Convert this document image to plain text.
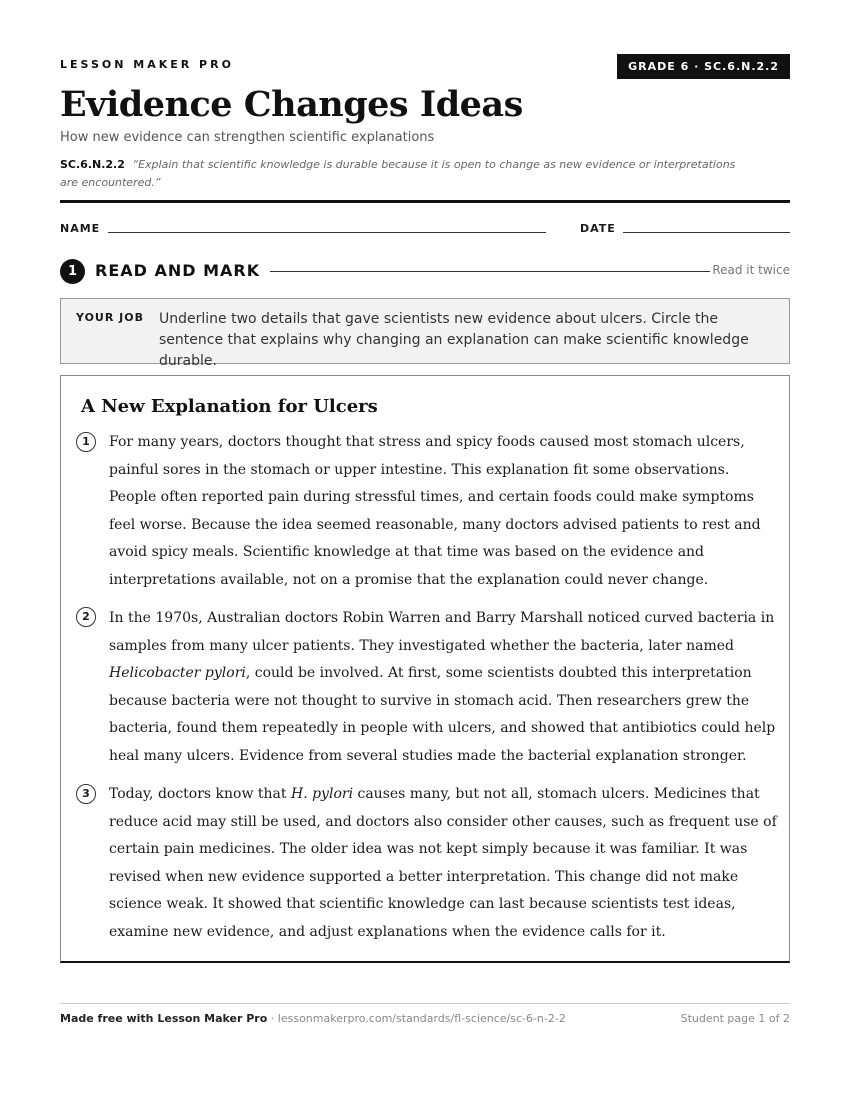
LESSON MAKER PRO	GRADE 6 · SC.6.N.2.2
Evidence Changes Ideas
How new evidence can strengthen scientific explanations
SC.6.N.2.2 “Explain that scientific knowledge is durable because it is open to change as new evidence or interpretations are encountered.”
NAME	DATE
1	READ AND MARK	Read it twice
YOUR JOB Underline two details that gave scientists new evidence about ulcers. Circle the sentence that explains why changing an explanation can make scientific knowledge durable.
A New Explanation for Ulcers
1	For many years, doctors thought that stress and spicy foods caused most stomach ulcers, painful sores in the stomach or upper intestine. This explanation fit some observations. People often reported pain during stressful times, and certain foods could make symptoms feel worse. Because the idea seemed reasonable, many doctors advised patients to rest and avoid spicy meals. Scientific knowledge at that time was based on the evidence and interpretations available, not on a promise that the explanation could never change.

2	In the 1970s, Australian doctors Robin Warren and Barry Marshall noticed curved bacteria in samples from many ulcer patients. They investigated whether the bacteria, later named Helicobacter pylori, could be involved. At first, some scientists doubted this interpretation because bacteria were not thought to survive in stomach acid. Then researchers grew the bacteria, found them repeatedly in people with ulcers, and showed that antibiotics could help heal many ulcers. Evidence from several studies made the bacterial explanation stronger.

3	Today, doctors know that H. pylori causes many, but not all, stomach ulcers. Medicines that reduce acid may still be used, and doctors also consider other causes, such as frequent use of certain pain medicines. The older idea was not kept simply because it was familiar. It was revised when new evidence supported a better interpretation. This change did not make science weak. It showed that scientific knowledge can last because scientists test ideas, examine new evidence, and adjust explanations when the evidence calls for it.

Made free with Lesson Maker Pro · lessonmakerpro.com/standards/fl-science/sc-6-n-2-2	Student page 1 of 2
